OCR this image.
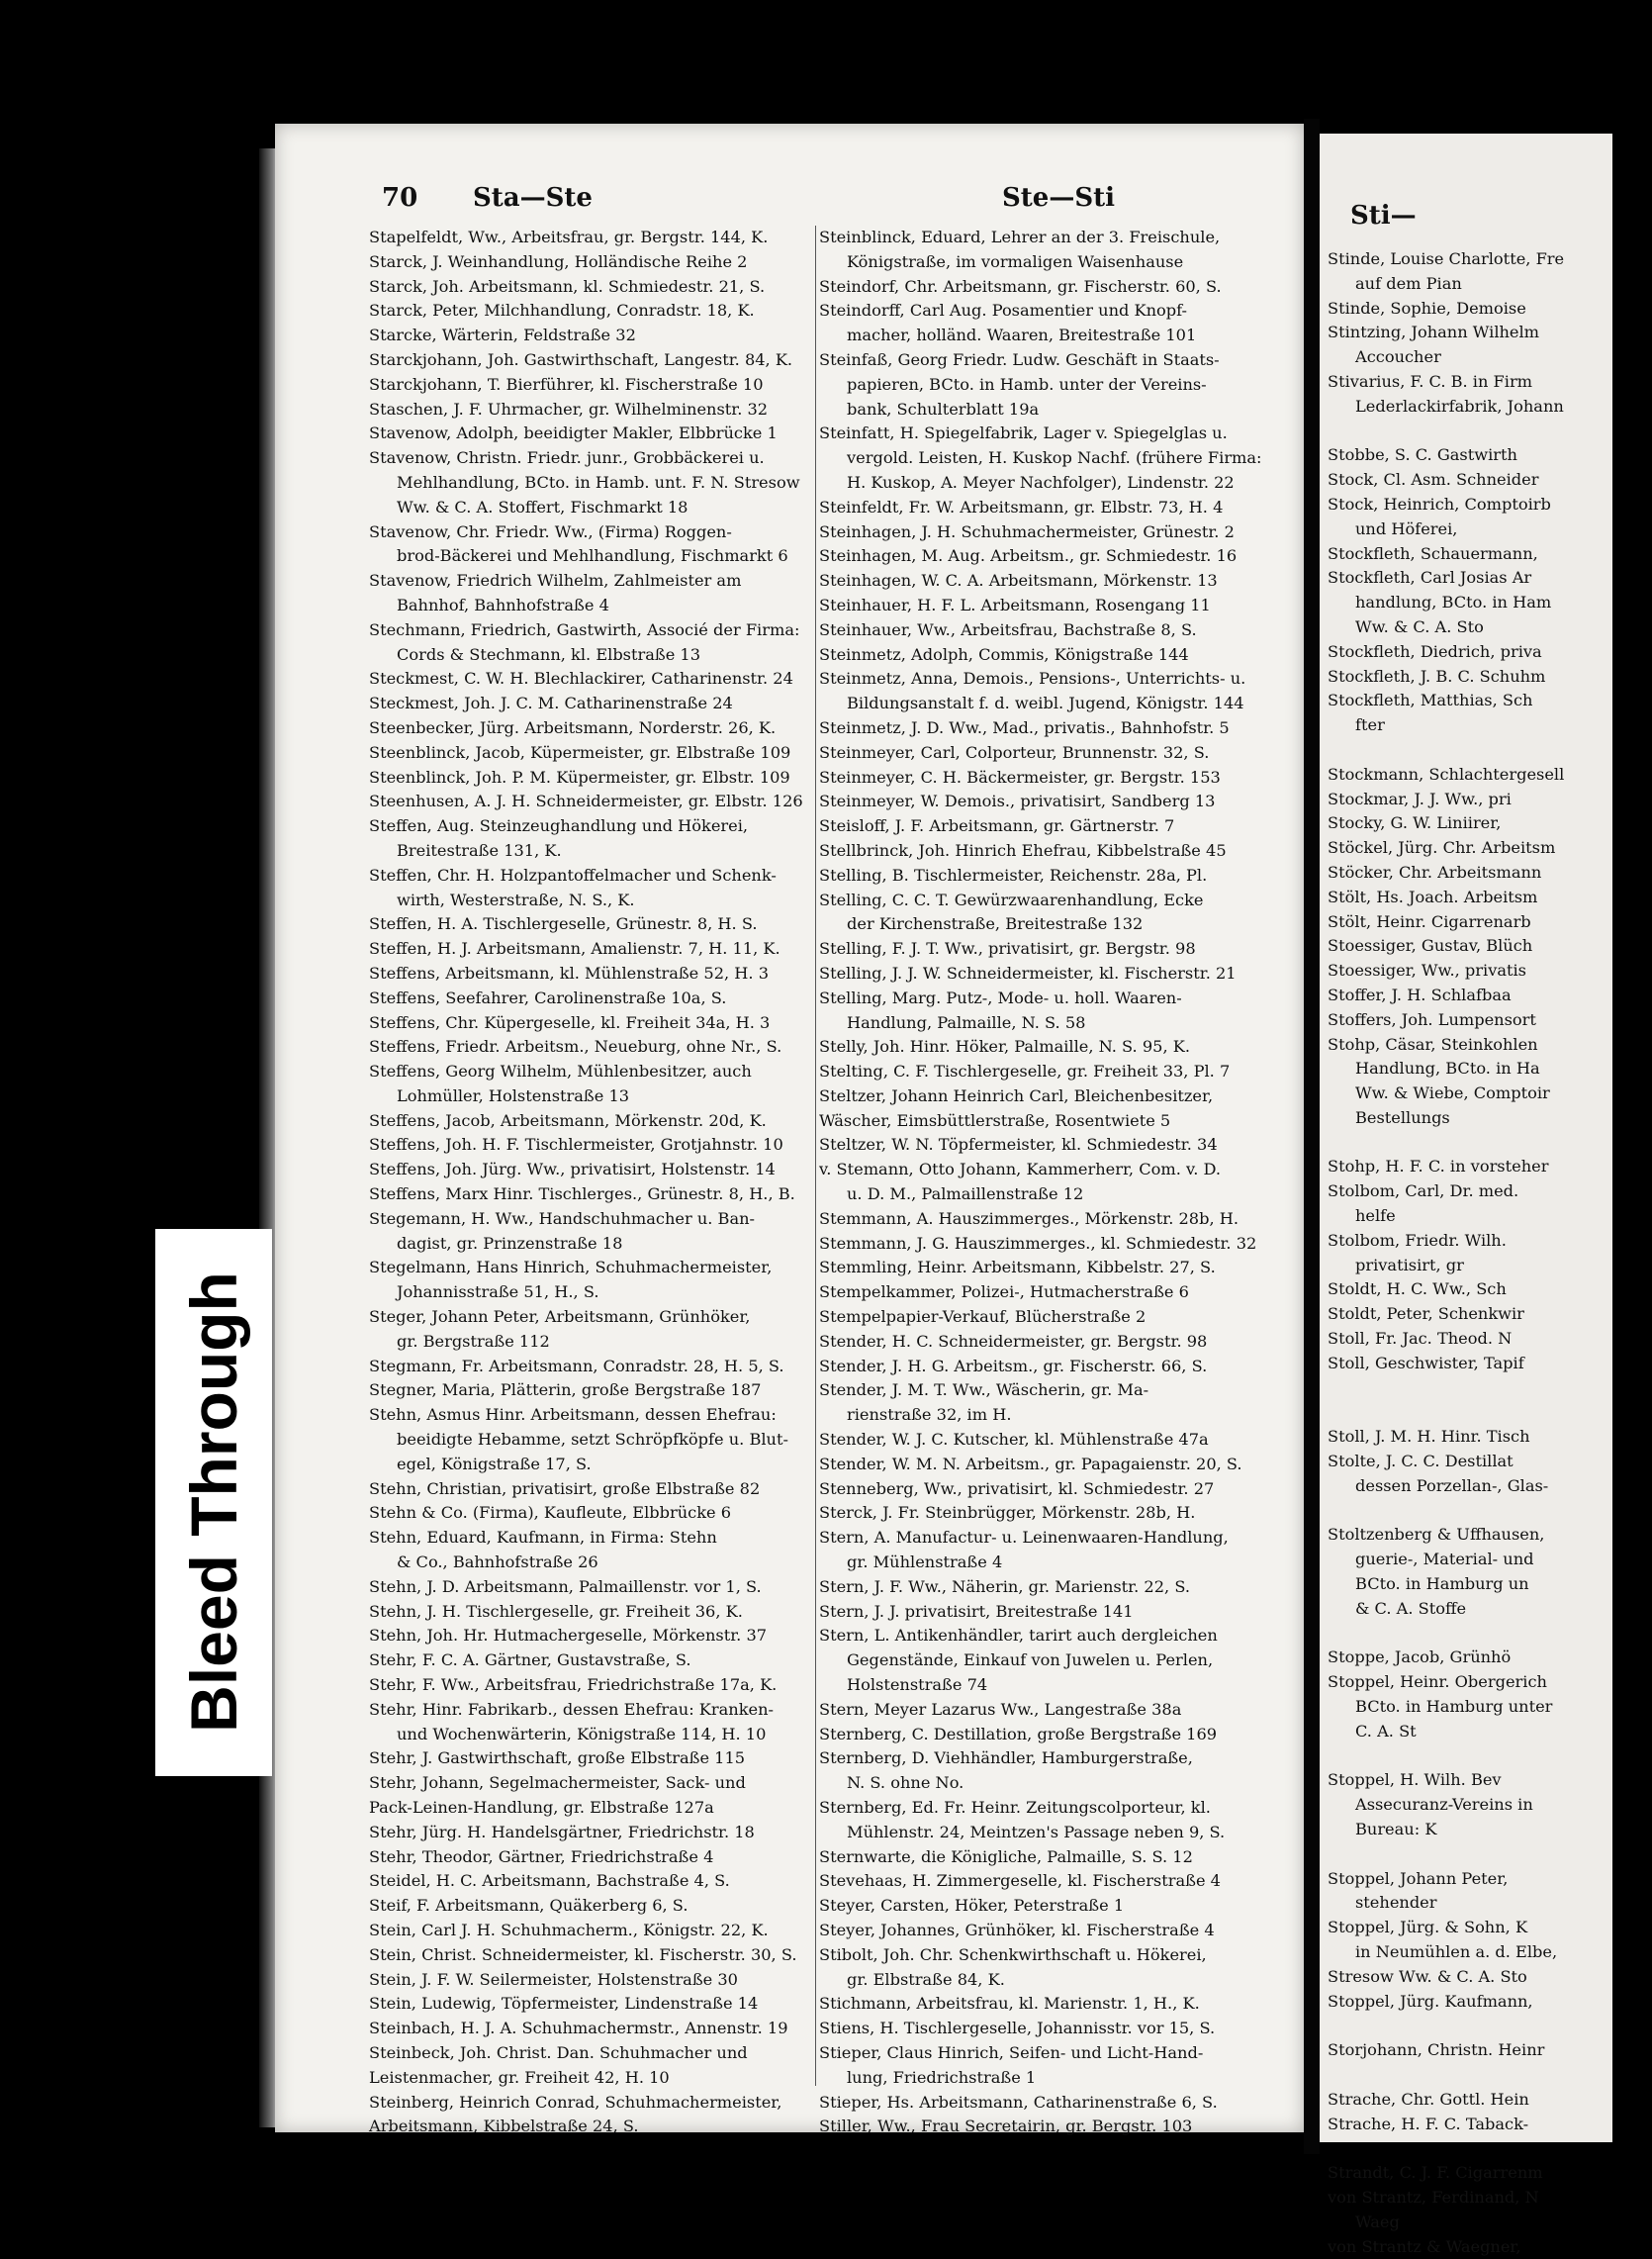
Sti—
Stinde, Louise Charlotte, Fre
auf dem Pian
Stinde, Sophie, Demoise
Stintzing, Johann Wilhelm
Accoucher
Stivarius, F. C. B. in Firm
Lederlackirfabrik, Johann
Stobbe, S. C. Gastwirth
Stock, Cl. Asm. Schneider
Stock, Heinrich, Comptoirb
und Höferei,
Stockfleth, Schauermann,
Stockfleth, Carl Josias Ar
handlung, BCto. in Ham
Ww. & C. A. Sto
Stockfleth, Diedrich, priva
Stockfleth, J. B. C. Schuhm
Stockfleth, Matthias, Sch
fter
Stockmann, Schlachtergesell
Stockmar, J. J. Ww., pri
Stocky, G. W. Liniirer,
Stöckel, Jürg. Chr. Arbeitsm
Stöcker, Chr. Arbeitsmann
Stölt, Hs. Joach. Arbeitsm
Stölt, Heinr. Cigarrenarb
Stoessiger, Gustav, Blüch
Stoessiger, Ww., privatis
Stoffer, J. H. Schlafbaa
Stoffers, Joh. Lumpensort
Stohp, Cäsar, Steinkohlen
Handlung, BCto. in Ha
Ww. & Wiebe, Comptoir
Bestellungs
Stohp, H. F. C. in vorsteher
Stolbom, Carl, Dr. med.
helfe
Stolbom, Friedr. Wilh.
privatisirt, gr
Stoldt, H. C. Ww., Sch
Stoldt, Peter, Schenkwir
Stoll, Fr. Jac. Theod. N
Stoll, Geschwister, Tapif
Stoll, J. M. H. Hinr. Tisch
Stolte, J. C. C. Destillat
dessen Porzellan-, Glas-
Stoltzenberg & Uffhausen,
guerie-, Material- und
BCto. in Hamburg un
& C. A. Stoffe
Stoppe, Jacob, Grünhö
Stoppel, Heinr. Obergerich
BCto. in Hamburg unter
C. A. St
Stoppel, H. Wilh. Bev
Assecuranz-Vereins in
Bureau: K
Stoppel, Johann Peter,
stehender
Stoppel, Jürg. & Sohn, K
in Neumühlen a. d. Elbe,
Stresow Ww. & C. A. Sto
Stoppel, Jürg. Kaufmann,
Storjohann, Christn. Heinr
Strache, Chr. Gottl. Hein
Strache, H. F. C. Taback-
Strandt, C. J. F. Cigarrenm
von Strantz, Ferdinand, N
Waeg
von Strantz & Waegner,
70 Sta—Ste	Ste—Sti
Stapelfeldt, Ww., Arbeitsfrau, gr. Bergstr. 144, K.
Starck, J. Weinhandlung, Holländische Reihe 2
Starck, Joh. Arbeitsmann, kl. Schmiedestr. 21, S.
Starck, Peter, Milchhandlung, Conradstr. 18, K.
Starcke, Wärterin, Feldstraße 32
Starckjohann, Joh. Gastwirthschaft, Langestr. 84, K.
Starckjohann, T. Bierführer, kl. Fischerstraße 10
Staschen, J. F. Uhrmacher, gr. Wilhelminenstr. 32
Stavenow, Adolph, beeidigter Makler, Elbbrücke 1
Stavenow, Christn. Friedr. junr., Grobbäckerei u.
Mehlhandlung, BCto. in Hamb. unt. F. N. Stresow
Ww. & C. A. Stoffert, Fischmarkt 18
Stavenow, Chr. Friedr. Ww., (Firma) Roggen-
brod-Bäckerei und Mehlhandlung, Fischmarkt 6
Stavenow, Friedrich Wilhelm, Zahlmeister am
Bahnhof, Bahnhofstraße 4
Stechmann, Friedrich, Gastwirth, Associé der Firma:
Cords & Stechmann, kl. Elbstraße 13
Steckmest, C. W. H. Blechlackirer, Catharinenstr. 24
Steckmest, Joh. J. C. M. Catharinenstraße 24
Steenbecker, Jürg. Arbeitsmann, Norderstr. 26, K.
Steenblinck, Jacob, Küpermeister, gr. Elbstraße 109
Steenblinck, Joh. P. M. Küpermeister, gr. Elbstr. 109
Steenhusen, A. J. H. Schneidermeister, gr. Elbstr. 126
Steffen, Aug. Steinzeughandlung und Hökerei,
Breitestraße 131, K.
Steffen, Chr. H. Holzpantoffelmacher und Schenk-
wirth, Westerstraße, N. S., K.
Steffen, H. A. Tischlergeselle, Grünestr. 8, H. S.
Steffen, H. J. Arbeitsmann, Amalienstr. 7, H. 11, K.
Steffens, Arbeitsmann, kl. Mühlenstraße 52, H. 3
Steffens, Seefahrer, Carolinenstraße 10a, S.
Steffens, Chr. Küpergeselle, kl. Freiheit 34a, H. 3
Steffens, Friedr. Arbeitsm., Neueburg, ohne Nr., S.
Steffens, Georg Wilhelm, Mühlenbesitzer, auch
Lohmüller, Holstenstraße 13
Steffens, Jacob, Arbeitsmann, Mörkenstr. 20d, K.
Steffens, Joh. H. F. Tischlermeister, Grotjahnstr. 10
Steffens, Joh. Jürg. Ww., privatisirt, Holstenstr. 14
Steffens, Marx Hinr. Tischlerges., Grünestr. 8, H., B.
Stegemann, H. Ww., Handschuhmacher u. Ban-
dagist, gr. Prinzenstraße 18
Stegelmann, Hans Hinrich, Schuhmachermeister,
Johannisstraße 51, H., S.
Steger, Johann Peter, Arbeitsmann, Grünhöker,
gr. Bergstraße 112
Stegmann, Fr. Arbeitsmann, Conradstr. 28, H. 5, S.
Stegner, Maria, Plätterin, große Bergstraße 187
Stehn, Asmus Hinr. Arbeitsmann, dessen Ehefrau:
beeidigte Hebamme, setzt Schröpfköpfe u. Blut-
egel, Königstraße 17, S.
Stehn, Christian, privatisirt, große Elbstraße 82
Stehn & Co. (Firma), Kaufleute, Elbbrücke 6
Stehn, Eduard, Kaufmann, in Firma: Stehn
& Co., Bahnhofstraße 26
Stehn, J. D. Arbeitsmann, Palmaillenstr. vor 1, S.
Stehn, J. H. Tischlergeselle, gr. Freiheit 36, K.
Stehn, Joh. Hr. Hutmachergeselle, Mörkenstr. 37
Stehr, F. C. A. Gärtner, Gustavstraße, S.
Stehr, F. Ww., Arbeitsfrau, Friedrichstraße 17a, K.
Stehr, Hinr. Fabrikarb., dessen Ehefrau: Kranken-
und Wochenwärterin, Königstraße 114, H. 10
Stehr, J. Gastwirthschaft, große Elbstraße 115
Stehr, Johann, Segelmachermeister, Sack- und
Pack-Leinen-Handlung, gr. Elbstraße 127a
Stehr, Jürg. H. Handelsgärtner, Friedrichstr. 18
Stehr, Theodor, Gärtner, Friedrichstraße 4
Steidel, H. C. Arbeitsmann, Bachstraße 4, S.
Steif, F. Arbeitsmann, Quäkerberg 6, S.
Stein, Carl J. H. Schuhmacherm., Königstr. 22, K.
Stein, Christ. Schneidermeister, kl. Fischerstr. 30, S.
Stein, J. F. W. Seilermeister, Holstenstraße 30
Stein, Ludewig, Töpfermeister, Lindenstraße 14
Steinbach, H. J. A. Schuhmachermstr., Annenstr. 19
Steinbeck, Joh. Christ. Dan. Schuhmacher und
Leistenmacher, gr. Freiheit 42, H. 10
Steinberg, Heinrich Conrad, Schuhmachermeister,
Arbeitsmann, Kibbelstraße 24, S.
Steinblinck, Eduard, Lehrer an der 3. Freischule,
Königstraße, im vormaligen Waisenhause
Steindorf, Chr. Arbeitsmann, gr. Fischerstr. 60, S.
Steindorff, Carl Aug. Posamentier und Knopf-
macher, holländ. Waaren, Breitestraße 101
Steinfaß, Georg Friedr. Ludw. Geschäft in Staats-
papieren, BCto. in Hamb. unter der Vereins-
bank, Schulterblatt 19a
Steinfatt, H. Spiegelfabrik, Lager v. Spiegelglas u.
vergold. Leisten, H. Kuskop Nachf. (frühere Firma:
H. Kuskop, A. Meyer Nachfolger), Lindenstr. 22
Steinfeldt, Fr. W. Arbeitsmann, gr. Elbstr. 73, H. 4
Steinhagen, J. H. Schuhmachermeister, Grünestr. 2
Steinhagen, M. Aug. Arbeitsm., gr. Schmiedestr. 16
Steinhagen, W. C. A. Arbeitsmann, Mörkenstr. 13
Steinhauer, H. F. L. Arbeitsmann, Rosengang 11
Steinhauer, Ww., Arbeitsfrau, Bachstraße 8, S.
Steinmetz, Adolph, Commis, Königstraße 144
Steinmetz, Anna, Demois., Pensions-, Unterrichts- u.
Bildungsanstalt f. d. weibl. Jugend, Königstr. 144
Steinmetz, J. D. Ww., Mad., privatis., Bahnhofstr. 5
Steinmeyer, Carl, Colporteur, Brunnenstr. 32, S.
Steinmeyer, C. H. Bäckermeister, gr. Bergstr. 153
Steinmeyer, W. Demois., privatisirt, Sandberg 13
Steisloff, J. F. Arbeitsmann, gr. Gärtnerstr. 7
Stellbrinck, Joh. Hinrich Ehefrau, Kibbelstraße 45
Stelling, B. Tischlermeister, Reichenstr. 28a, Pl.
Stelling, C. C. T. Gewürzwaarenhandlung, Ecke
der Kirchenstraße, Breitestraße 132
Stelling, F. J. T. Ww., privatisirt, gr. Bergstr. 98
Stelling, J. J. W. Schneidermeister, kl. Fischerstr. 21
Stelling, Marg. Putz-, Mode- u. holl. Waaren-
Handlung, Palmaille, N. S. 58
Stelly, Joh. Hinr. Höker, Palmaille, N. S. 95, K.
Stelting, C. F. Tischlergeselle, gr. Freiheit 33, Pl. 7
Steltzer, Johann Heinrich Carl, Bleichenbesitzer,
Wäscher, Eimsbüttlerstraße, Rosentwiete 5
Steltzer, W. N. Töpfermeister, kl. Schmiedestr. 34
v. Stemann, Otto Johann, Kammerherr, Com. v. D.
u. D. M., Palmaillenstraße 12
Stemmann, A. Hauszimmerges., Mörkenstr. 28b, H.
Stemmann, J. G. Hauszimmerges., kl. Schmiedestr. 32
Stemmling, Heinr. Arbeitsmann, Kibbelstr. 27, S.
Stempelkammer, Polizei-, Hutmacherstraße 6
Stempelpapier-Verkauf, Blücherstraße 2
Stender, H. C. Schneidermeister, gr. Bergstr. 98
Stender, J. H. G. Arbeitsm., gr. Fischerstr. 66, S.
Stender, J. M. T. Ww., Wäscherin, gr. Ma-
rienstraße 32, im H.
Stender, W. J. C. Kutscher, kl. Mühlenstraße 47a
Stender, W. M. N. Arbeitsm., gr. Papagaienstr. 20, S.
Stenneberg, Ww., privatisirt, kl. Schmiedestr. 27
Sterck, J. Fr. Steinbrügger, Mörkenstr. 28b, H.
Stern, A. Manufactur- u. Leinenwaaren-Handlung,
gr. Mühlenstraße 4
Stern, J. F. Ww., Näherin, gr. Marienstr. 22, S.
Stern, J. J. privatisirt, Breitestraße 141
Stern, L. Antikenhändler, tarirt auch dergleichen
Gegenstände, Einkauf von Juwelen u. Perlen,
Holstenstraße 74
Stern, Meyer Lazarus Ww., Langestraße 38a
Sternberg, C. Destillation, große Bergstraße 169
Sternberg, D. Viehhändler, Hamburgerstraße,
N. S. ohne No.
Sternberg, Ed. Fr. Heinr. Zeitungscolporteur, kl.
Mühlenstr. 24, Meintzen's Passage neben 9, S.
Sternwarte, die Königliche, Palmaille, S. S. 12
Stevehaas, H. Zimmergeselle, kl. Fischerstraße 4
Steyer, Carsten, Höker, Peterstraße 1
Steyer, Johannes, Grünhöker, kl. Fischerstraße 4
Stibolt, Joh. Chr. Schenkwirthschaft u. Hökerei,
gr. Elbstraße 84, K.
Stichmann, Arbeitsfrau, kl. Marienstr. 1, H., K.
Stiens, H. Tischlergeselle, Johannisstr. vor 15, S.
Stieper, Claus Hinrich, Seifen- und Licht-Hand-
lung, Friedrichstraße 1
Stieper, Hs. Arbeitsmann, Catharinenstraße 6, S.
Stiller, Ww., Frau Secretairin, gr. Bergstr. 103
Bleed Through
